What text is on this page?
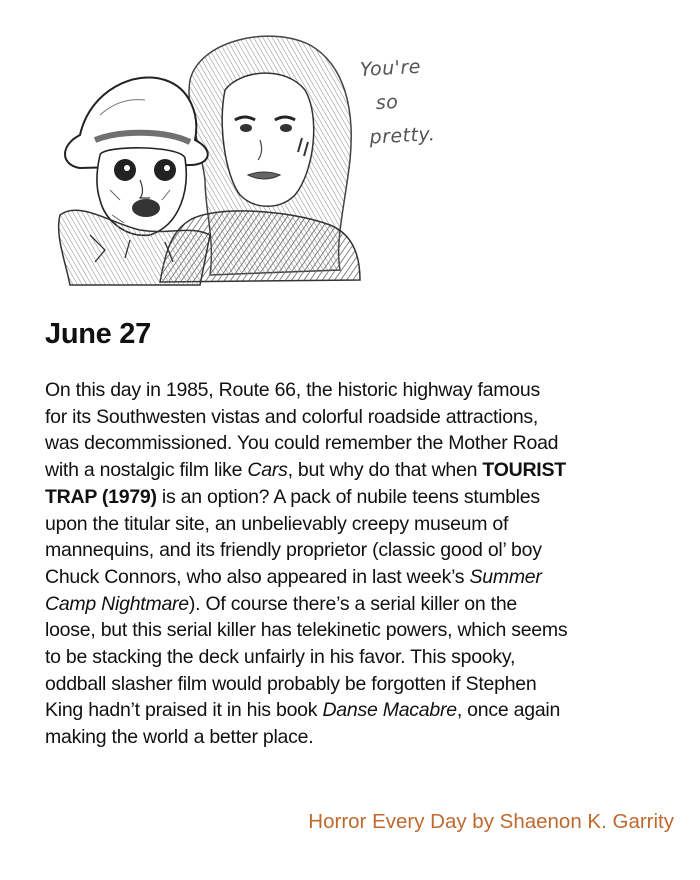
You're
so
pretty.
June 27

On this day in 1985, Route 66, the historic highway famous
for its Southwesten vistas and colorful roadside attractions,
was decommissioned. You could remember the Mother Road
with a nostalgic film like Cars, but why do that when TOURIST
TRAP (1979) is an option? A pack of nubile teens stumbles
upon the titular site, an unbelievably creepy museum of
mannequins, and its friendly proprietor (classic good ol’ boy
Chuck Connors, who also appeared in last week’s Summer
Camp Nightmare). Of course there’s a serial killer on the
loose, but this serial killer has telekinetic powers, which seems
to be stacking the deck unfairly in his favor. This spooky,
oddball slasher film would probably be forgotten if Stephen
King hadn’t praised it in his book Danse Macabre, once again
making the world a better place.

Horror Every Day by Shaenon K. Garrity
